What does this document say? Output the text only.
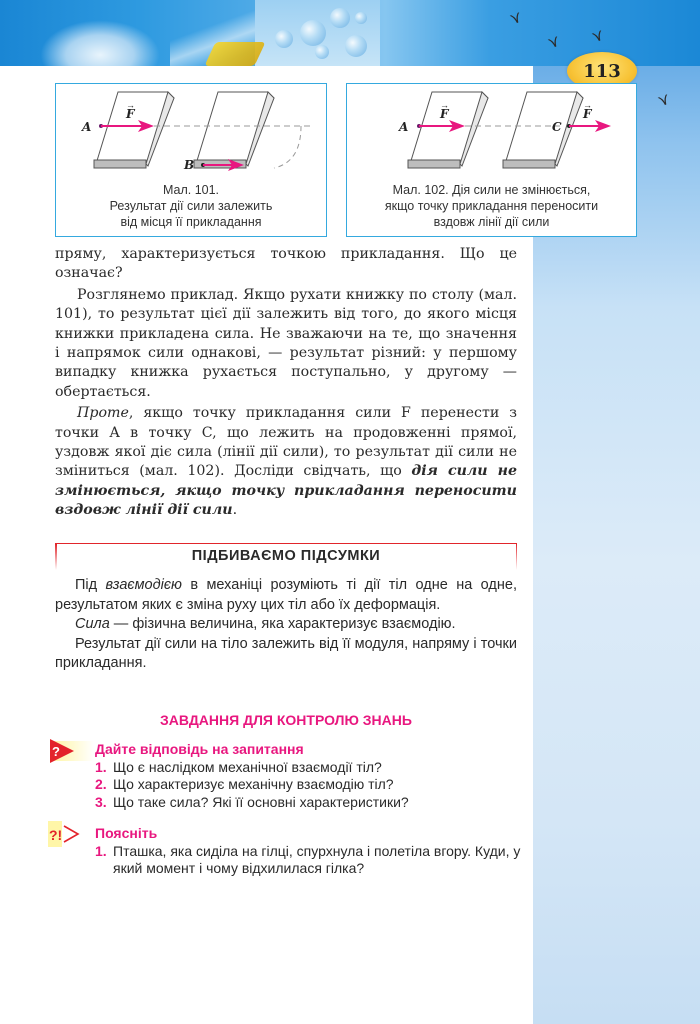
⋎
⋎ ⋎
⋎
113
A
B
F
→
Мал. 101.
Результат дії сили залежить
від місця її прикладання
A	C
F
→
F
→
Мал. 102. Дія сили не змінюється,
якщо точку прикладання переносити
вздовж лінії дії сили

пряму, характеризується точкою прикладання. Що це означає?

Розглянемо приклад. Якщо рухати книжку по столу (мал. 101), то результат цієї дії залежить від того, до якого місця книжки прикладена сила. Не зважаючи на те, що значення і напрямок сили однакові, — результат різний: у першому випадку книжка рухається поступально, у другому — обертається.

Проте, якщо точку прикладання сили F перенести з точки A в точку C, що лежить на продовженні прямої, уздовж якої діє сила (лінії дії сили), то результат дії сили не зміниться (мал. 102). Досліди свідчать, що дія сили не змінюється, якщо точку прикладання переносити вздовж лінії дії сили.

ПІДБИВАЄМО ПІДСУМКИ

Під взаємодією в механіці розуміють ті дії тіл одне на одне, результатом яких є зміна руху цих тіл або їх деформація.

Сила — фізична величина, яка характеризує взаємодію.

Результат дії сили на тіло залежить від її модуля, напряму і точки прикладання.

ЗАВДАННЯ ДЛЯ КОНТРОЛЮ ЗНАНЬ
?	Дайте відповідь на запитання
1. Що є наслідком механічної взаємодії тіл?
2. Що характеризує механічну взаємодію тіл?
3. Що таке сила? Які її основні характеристики?
?! Поясніть
1. Пташка, яка сиділа на гілці, спурхнула і полетіла вгору. Куди, у який момент і чому відхилилася гілка?
